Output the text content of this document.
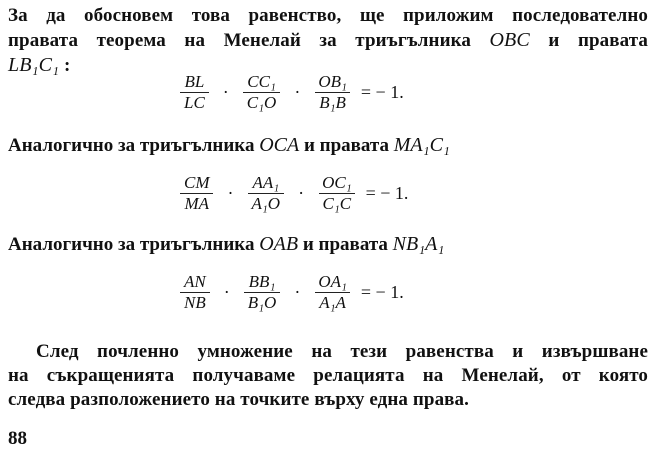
За да обосновем това равенство, ще приложим последователно
правата теорема на Менелай за триъгълника OBC и правата
LB₁C₁ :
$\frac{BL}{LC} \cdot \frac{\text{CC₁}}{\text{C₁O}} \cdot \frac{\text{OB₁}}{\text{B₁B}}$ = − 1.
Аналогично за триъгълника OCA и правата MA₁C₁
$\frac{CM}{MA} \cdot \frac{\text{AA₁}}{\text{A₁O}} \cdot \frac{\text{OC₁}}{\text{C₁C}}$ = − 1.
Аналогично за триъгълника OAB и правата NB₁A₁
$\frac{AN}{NB} \cdot \frac{\text{BB₁}}{\text{B₁O}} \cdot \frac{\text{OA₁}}{\text{A₁A}}$ = − 1.
След почленно умножение на тези равенства и извършване
на съкращенията получаваме релацията на Менелай, от която
следва разположението на точките върху една права.
88
